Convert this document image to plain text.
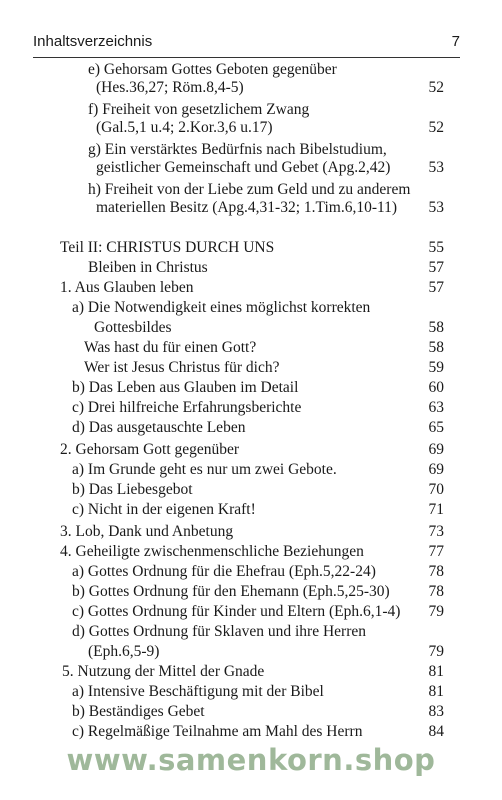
Inhaltsverzeichnis	7
e) Gehorsam Gottes Geboten gegenüber
(Hes.36,27; Röm.8,4-5)	52
f) Freiheit von gesetzlichem Zwang
(Gal.5,1 u.4; 2.Kor.3,6 u.17)	52
g) Ein verstärktes Bedürfnis nach Bibelstudium,
geistlicher Gemeinschaft und Gebet (Apg.2,42) 53
h) Freiheit von der Liebe zum Geld und zu anderem
materiellen Besitz (Apg.4,31-32; 1.Tim.6,10-11) 53
Teil II: CHRISTUS DURCH UNS	55
Bleiben in Christus	57
1. Aus Glauben leben	57
a) Die Notwendigkeit eines möglichst korrekten
Gottesbildes	58
Was hast du für einen Gott?	58
Wer ist Jesus Christus für dich?	59
b) Das Leben aus Glauben im Detail	60
c) Drei hilfreiche Erfahrungsberichte	63
d) Das ausgetauschte Leben	65
2. Gehorsam Gott gegenüber	69
a) Im Grunde geht es nur um zwei Gebote.	69
b) Das Liebesgebot	70
c) Nicht in der eigenen Kraft!	71
3. Lob, Dank und Anbetung	73
4. Geheiligte zwischenmenschliche Beziehungen	77
a) Gottes Ordnung für die Ehefrau (Eph.5,22-24)	78
b) Gottes Ordnung für den Ehemann (Eph.5,25-30)	78
c) Gottes Ordnung für Kinder und Eltern (Eph.6,1-4) 79
d) Gottes Ordnung für Sklaven und ihre Herren
(Eph.6,5-9)	79
5. Nutzung der Mittel der Gnade	81
a) Intensive Beschäftigung mit der Bibel	81
b) Beständiges Gebet	83
c) Regelmäßige Teilnahme am Mahl des Herrn	84
www.samenkorn.shop
